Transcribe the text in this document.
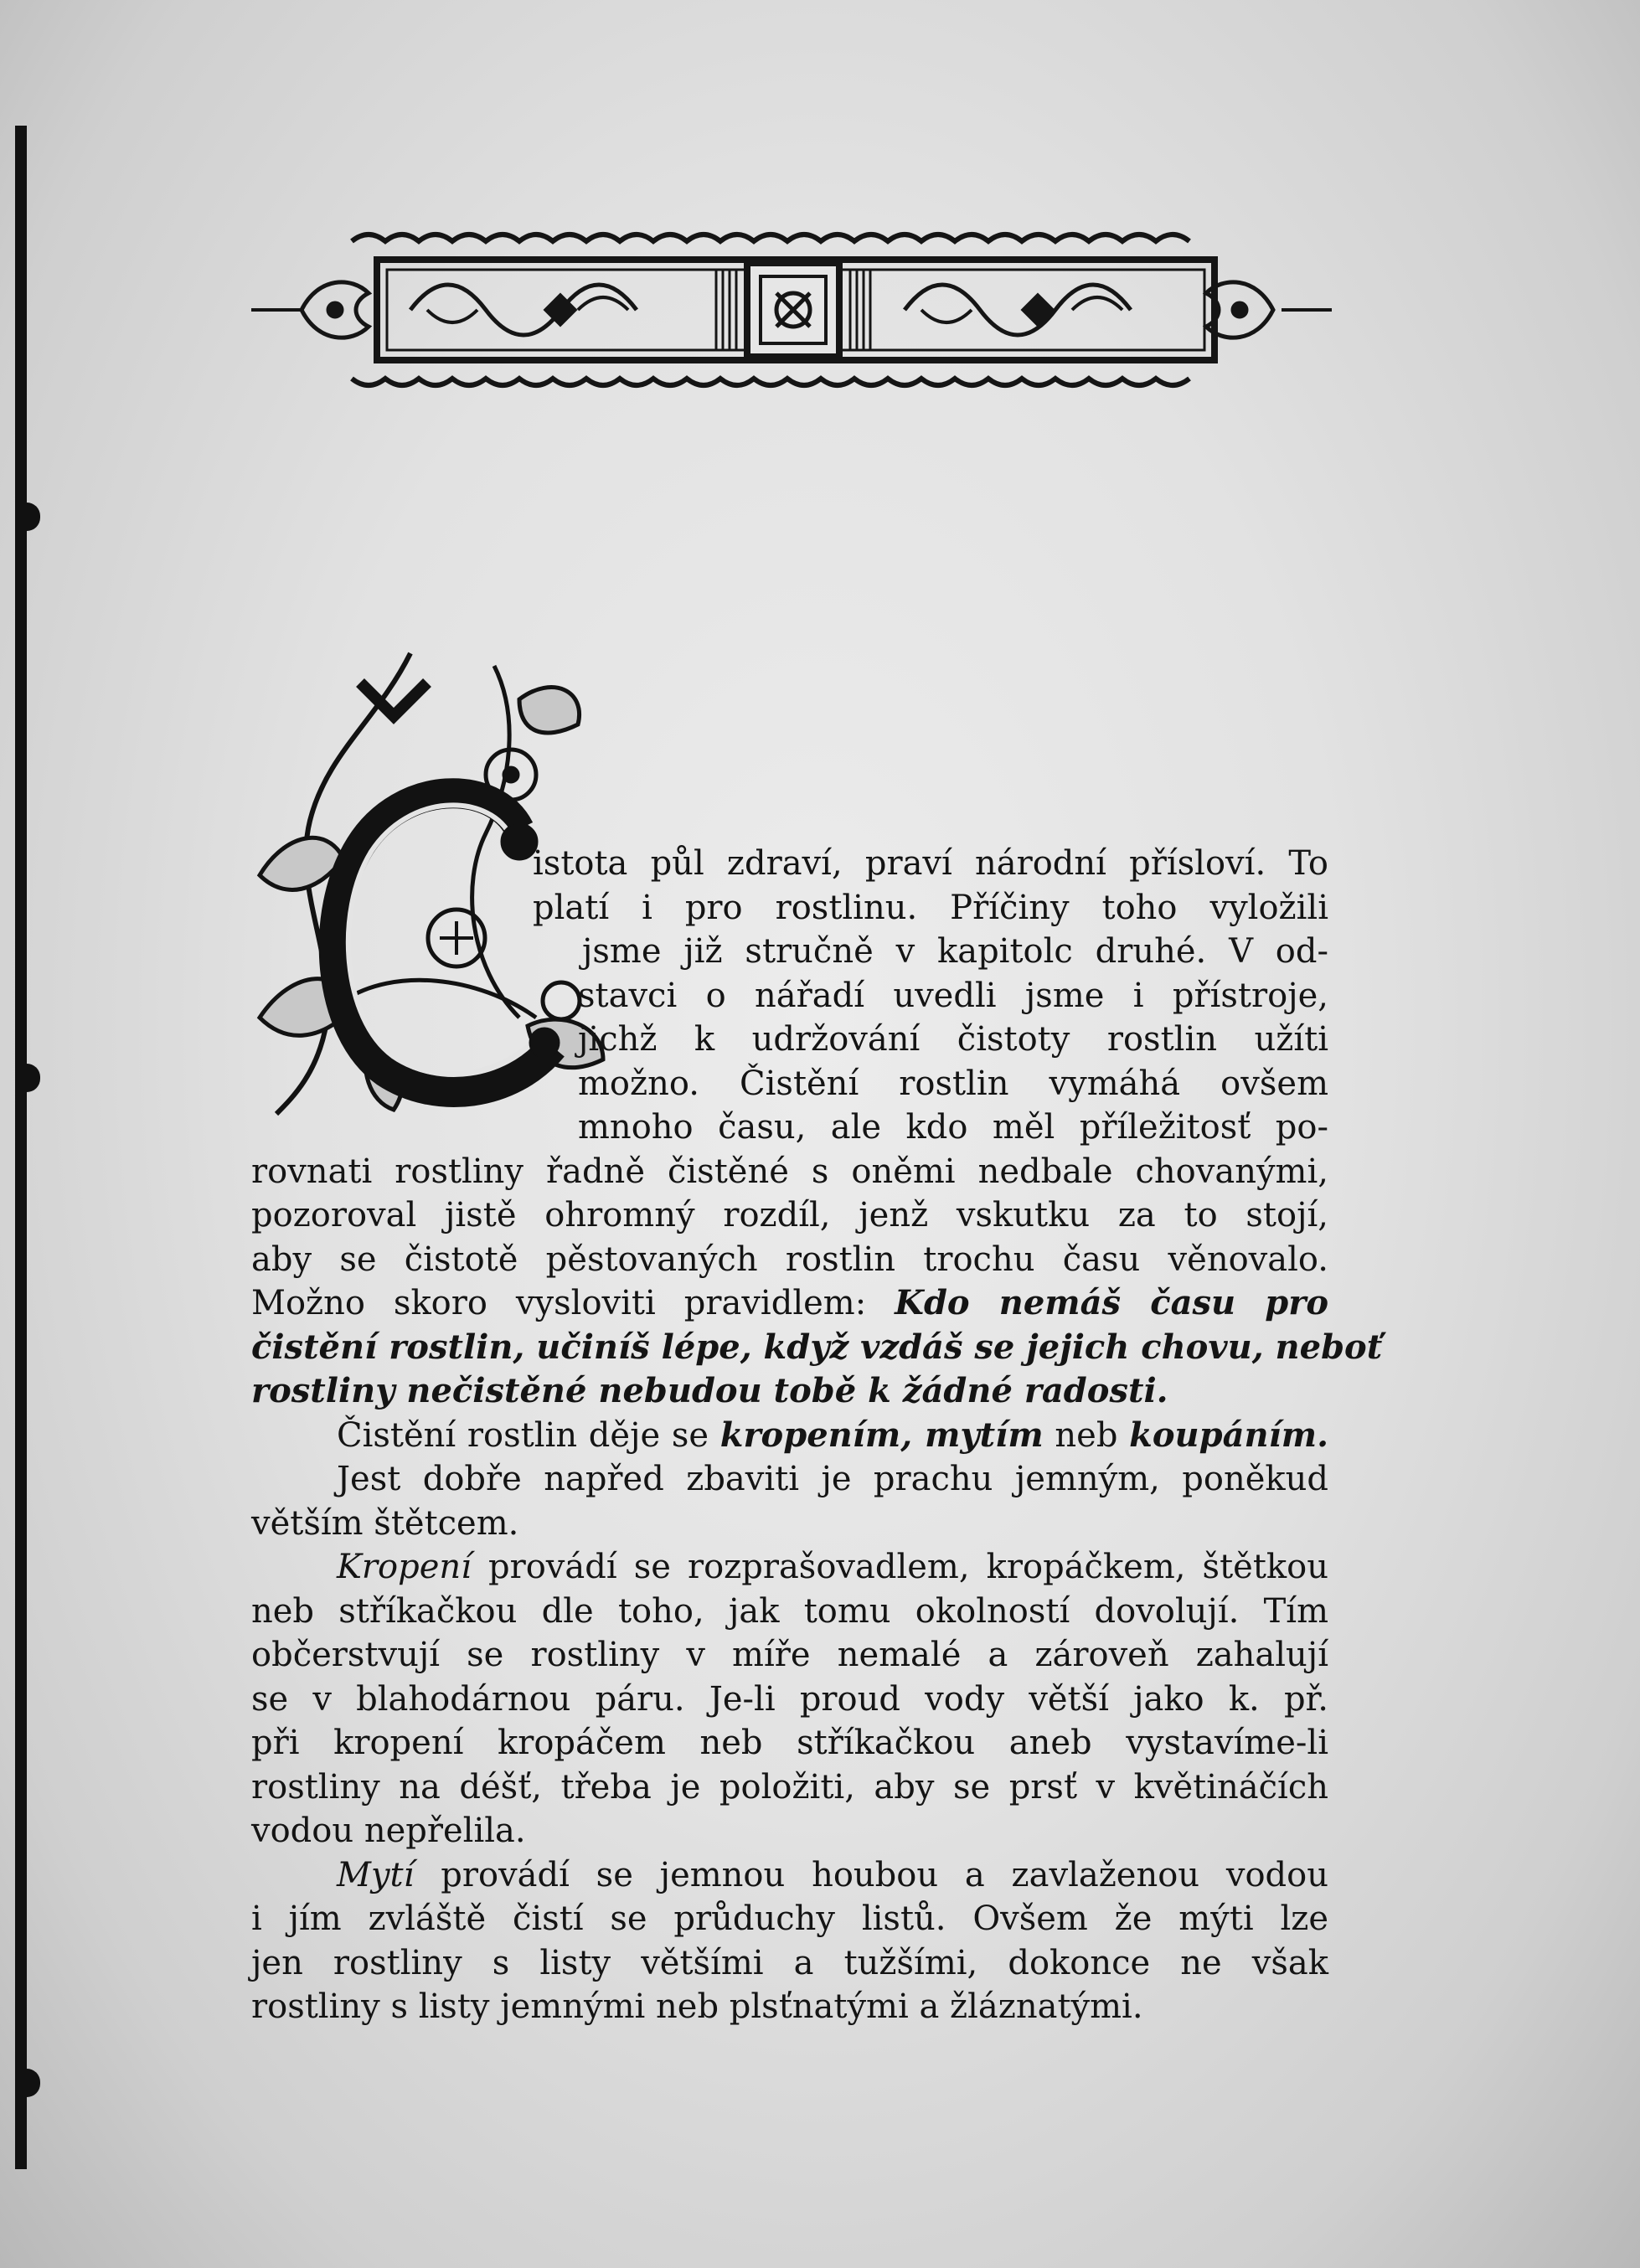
istota půl zdraví, praví národní přísloví. To
platí i pro rostlinu. Příčiny toho vyložili
jsme již stručně v kapitolc druhé. V od-
stavci o nářadí uvedli jsme i přístroje,
jichž k udržování čistoty rostlin užíti
možno. Čistění rostlin vymáhá ovšem
mnoho času, ale kdo měl příležitosť po-
rovnati rostliny řadně čistěné s oněmi nedbale chovanými,
pozoroval jistě ohromný rozdíl, jenž vskutku za to stojí,
aby se čistotě pěstovaných rostlin trochu času věnovalo.
Možno skoro vysloviti pravidlem: Kdo nemáš času pro
čistění rostlin, učiníš lépe, když vzdáš se jejich chovu, neboť
rostliny nečistěné nebudou tobě k žádné radosti.
Čistění rostlin děje se kropením, mytím neb koupáním.
Jest dobře napřed zbaviti je prachu jemným, poněkud
větším štětcem.
Kropení provádí se rozprašovadlem, kropáčkem, štětkou
neb stříkačkou dle toho, jak tomu okolností dovolují. Tím
občerstvují se rostliny v míře nemalé a zároveň zahalují
se v blahodárnou páru. Je-li proud vody větší jako k. př.
při kropení kropáčem neb stříkačkou aneb vystavíme-li
rostliny na déšť, třeba je položiti, aby se prsť v květináčích
vodou nepřelila.
Mytí provádí se jemnou houbou a zavlaženou vodou
i jím zvláště čistí se průduchy listů. Ovšem že mýti lze
jen rostliny s listy většími a tužšími, dokonce ne však
rostliny s listy jemnými neb plsťnatými a žláznatými.
